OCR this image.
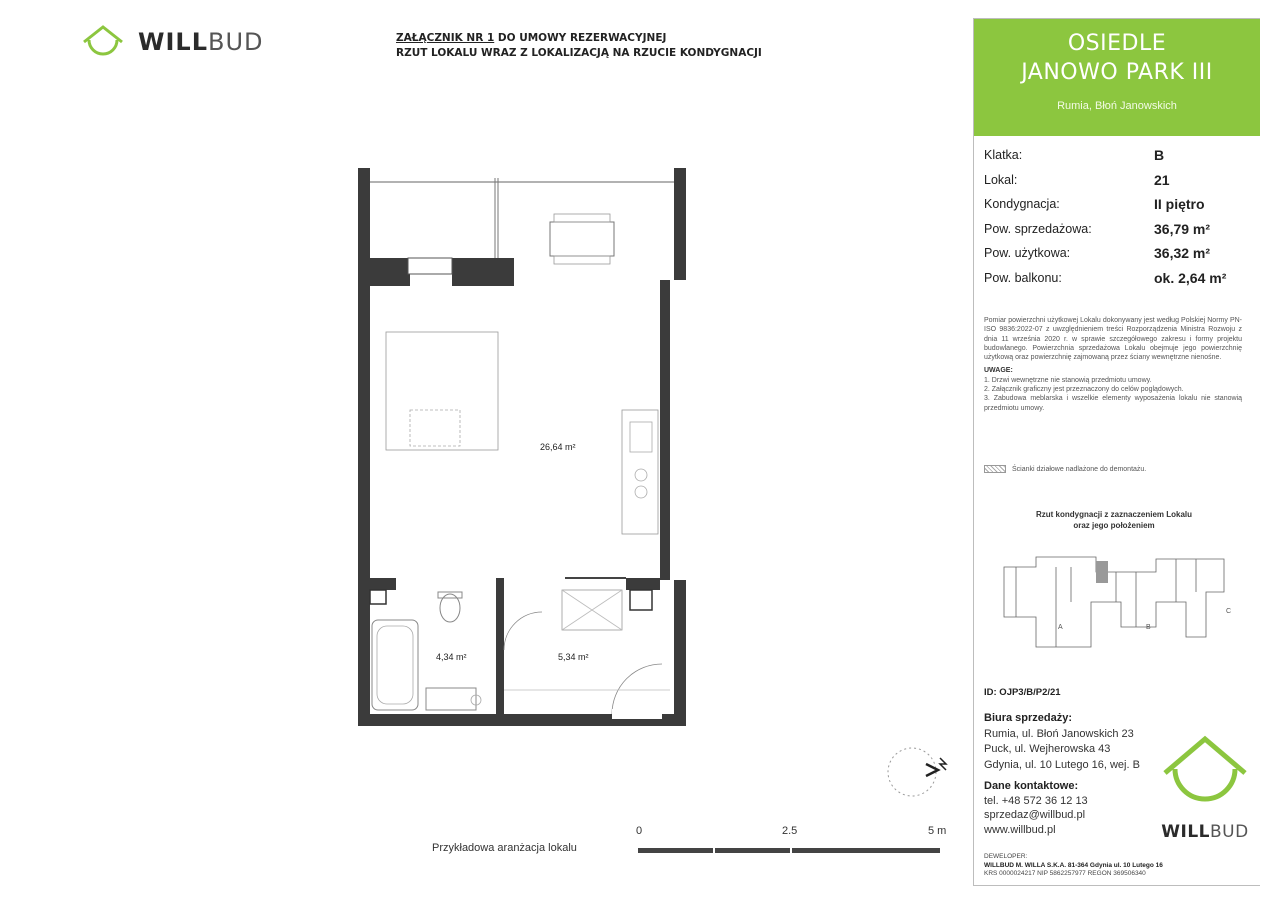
WILLBUD	ZAŁĄCZNIK NR 1 DO UMOWY REZERWACYJNEJ
RZUT LOKALU WRAZ Z LOKALIZACJĄ NA RZUCIE KONDYGNACJI
26,64 m²
4,34 m²	5,34 m²
0	2.5	5 m
Przykładowa aranżacja lokalu
OSIEDLE
JANOWO PARK III
Rumia, Błoń Janowskich
Klatka:	B
Lokal:	21
Kondygnacja:	II piętro
Pow. sprzedażowa:	36,79 m²
Pow. użytkowa:	36,32 m²
Pow. balkonu:	ok. 2,64 m²
Pomiar powierzchni użytkowej Lokalu dokonywany jest według Polskiej Normy PN-ISO 9836:2022-07 z uwzględnieniem treści Rozporządzenia Ministra Rozwoju z dnia 11 września 2020 r. w sprawie szczegółowego zakresu i formy projektu budowlanego. Powierzchnia sprzedażowa Lokalu obejmuje jego powierzchnię użytkową oraz powierzchnię zajmowaną przez ściany wewnętrzne nienośne.
UWAGE:
1. Drzwi wewnętrzne nie stanowią przedmiotu umowy.
2. Załącznik graficzny jest przeznaczony do celów poglądowych.
3. Zabudowa meblarska i wszelkie elementy wyposażenia lokalu nie stanowią przedmiotu umowy.
Ścianki działowe nadlażone do demontażu.
Rzut kondygnacji z zaznaczeniem Lokalu
oraz jego położeniem
A	B
C
ID: OJP3/B/P2/21
Biura sprzedaży:
Rumia, ul. Błoń Janowskich 23
Puck, ul. Wejherowska 43
Gdynia, ul. 10 Lutego 16, wej. B
Dane kontaktowe:
tel. +48 572 36 12 13
sprzedaz@willbud.pl
www.willbud.pl	WILLBUD
DEWELOPER:
WILLBUD M. WILLA S.K.A. 81-364 Gdynia ul. 10 Lutego 16
KRS 0000024217 NIP 5862257977 REGON 369506340
